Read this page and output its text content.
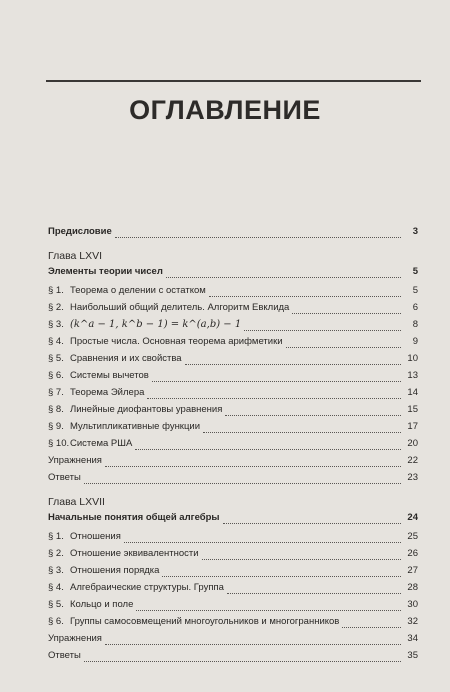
ОГЛАВЛЕНИЕ
Предисловие	3
Глава LXVI
Элементы теории чисел	5
§ 1. Теорема о делении с остатком	5
§ 2. Наибольший общий делитель. Алгоритм Евклида	6
§ 3. (k^a − 1, k^b − 1) = k^(a,b) − 1	8
§ 4. Простые числа. Основная теорема арифметики	9
§ 5. Сравнения и их свойства	10
§ 6. Системы вычетов	13
§ 7. Теорема Эйлера	14
§ 8. Линейные диофантовы уравнения	15
§ 9. Мультипликативные функции	17
§ 10. Система РША	20
Упражнения	22
Ответы	23
Глава LXVII
Начальные понятия общей алгебры	24
§ 1. Отношения	25
§ 2. Отношение эквивалентности	26
§ 3. Отношения порядка	27
§ 4. Алгебраические структуры. Группа	28
§ 5. Кольцо и поле	30
§ 6. Группы самосовмещений многоугольников и многогранников	32
Упражнения	34
Ответы	35
